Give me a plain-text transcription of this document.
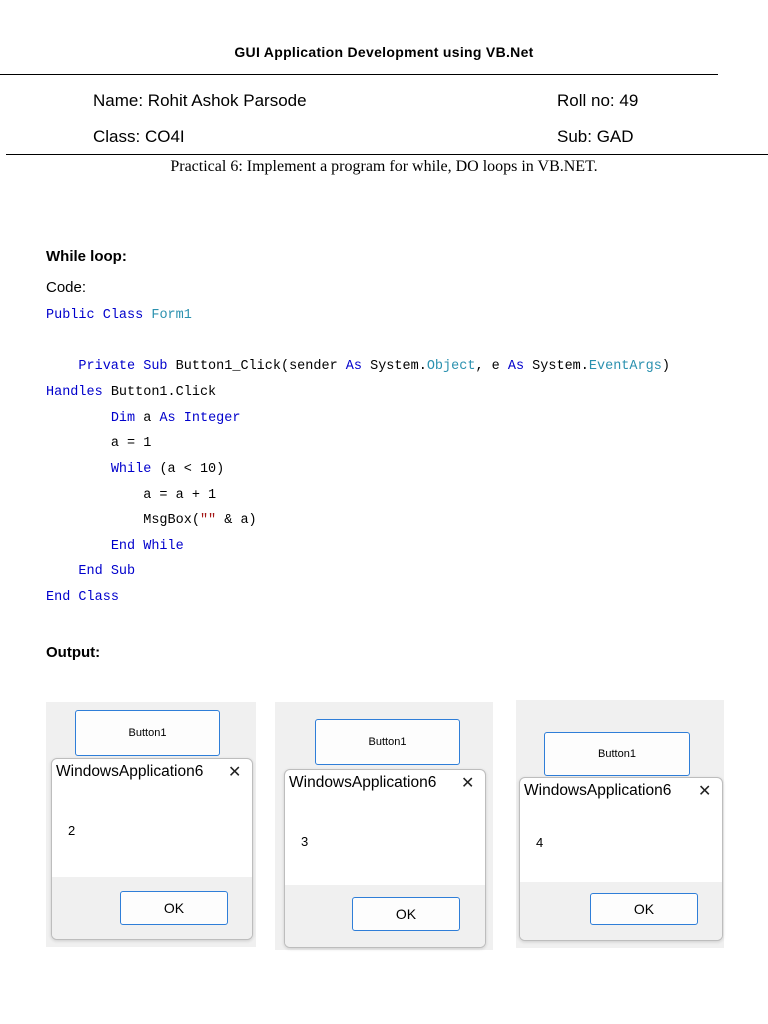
GUI Application Development using VB.Net
Name: Rohit Ashok Parsode	Roll no: 49
Class: CO4I	Sub: GAD
Practical 6: Implement a program for while, DO loops in VB.NET.
While loop:
Code:
Public Class Form1
Private Sub Button1_Click(sender As System.Object, e As System.EventArgs)
Handles Button1.Click
Dim a As Integer
a = 1
While (a < 10)
a = a + 1
MsgBox("" & a)
End While
End Sub
End Class
Output:
Button1
WindowsApplication6 ✕
2
OK
Button1
WindowsApplication6 ✕
3
OK
Button1
WindowsApplication6 ✕
4
OK
